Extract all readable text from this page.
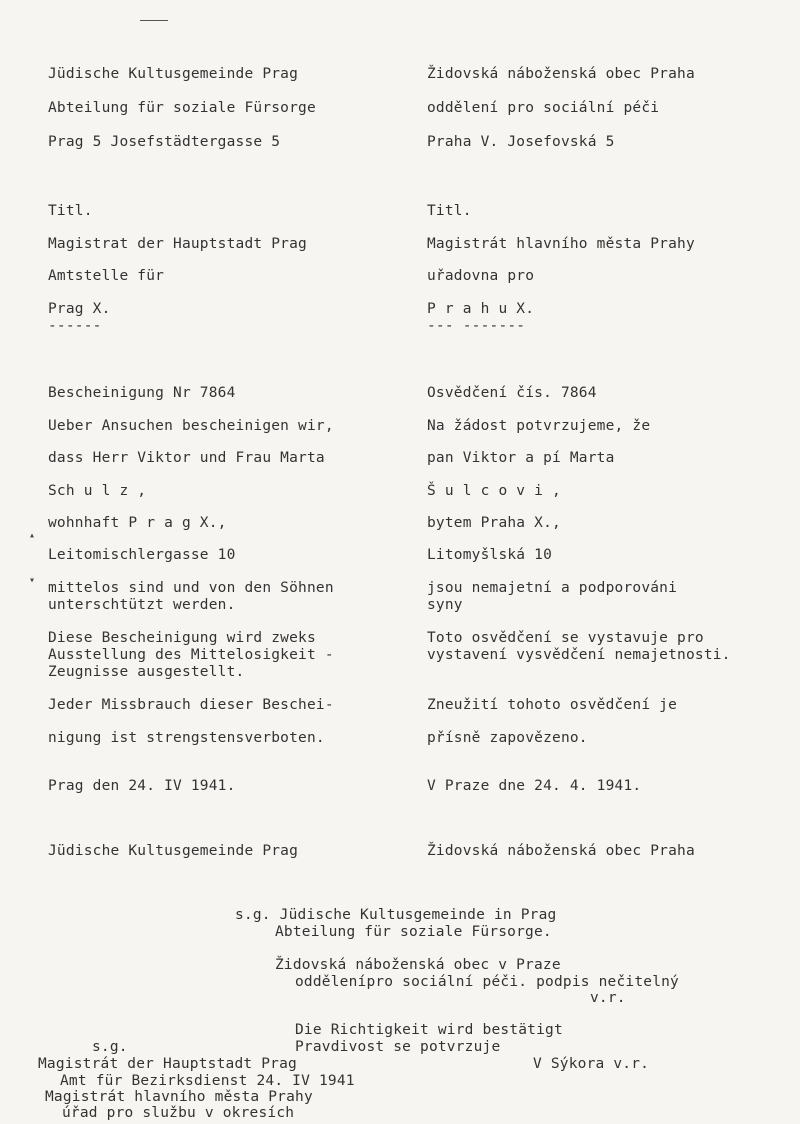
Jüdische Kultusgemeinde Prag
Abteilung für soziale Fürsorge
Prag 5 Josefstädtergasse 5
Titl.
Magistrat der Hauptstadt Prag
Amtstelle für
Prag X.
------
Bescheinigung Nr 7864
Ueber Ansuchen bescheinigen wir,
dass Herr Viktor und Frau Marta
Sch u l z ,
wohnhaft P r a g X.,
Leitomischlergasse 10
mittelos sind und von den Söhnen
unterschtützt werden.
Diese Bescheinigung wird zweks
Ausstellung des Mittelosigkeit -
Zeugnisse ausgestellt.
Jeder Missbrauch dieser Beschei-
nigung ist strengstensverboten.
Prag den 24. IV 1941.
Jüdische Kultusgemeinde Prag
Židovská náboženská obec Praha
oddělení pro sociální péči
Praha V. Josefovská 5
Titl.
Magistrát hlavního města Prahy
uřadovna pro
P r a h u X.
--- -------
Osvědčení čís. 7864
Na žádost potvrzujeme, že
pan Viktor a pí Marta
Š u l c o v i ,
bytem Praha X.,
Litomyšlská 10
jsou nemajetní a podporováni
syny
Toto osvědčení se vystavuje pro
vystavení vysvědčení nemajetnosti.
Zneužití tohoto osvědčení je
přísně zapovězeno.
V Praze dne 24. 4. 1941.
Židovská náboženská obec Praha
s.g. Jüdische Kultusgemeinde in Prag
Abteilung für soziale Fürsorge.
Židovská náboženská obec v Praze
oddělenípro sociální péči. podpis nečitelný
v.r.
Die Richtigkeit wird bestätigt
Pravdivost se potvrzuje
s.g.
V Sýkora v.r.
Magistrát der Hauptstadt Prag
Amt für Bezirksdienst 24. IV 1941
Magistrát hlavního města Prahy
úřad pro službu v okresích
▴
▾
